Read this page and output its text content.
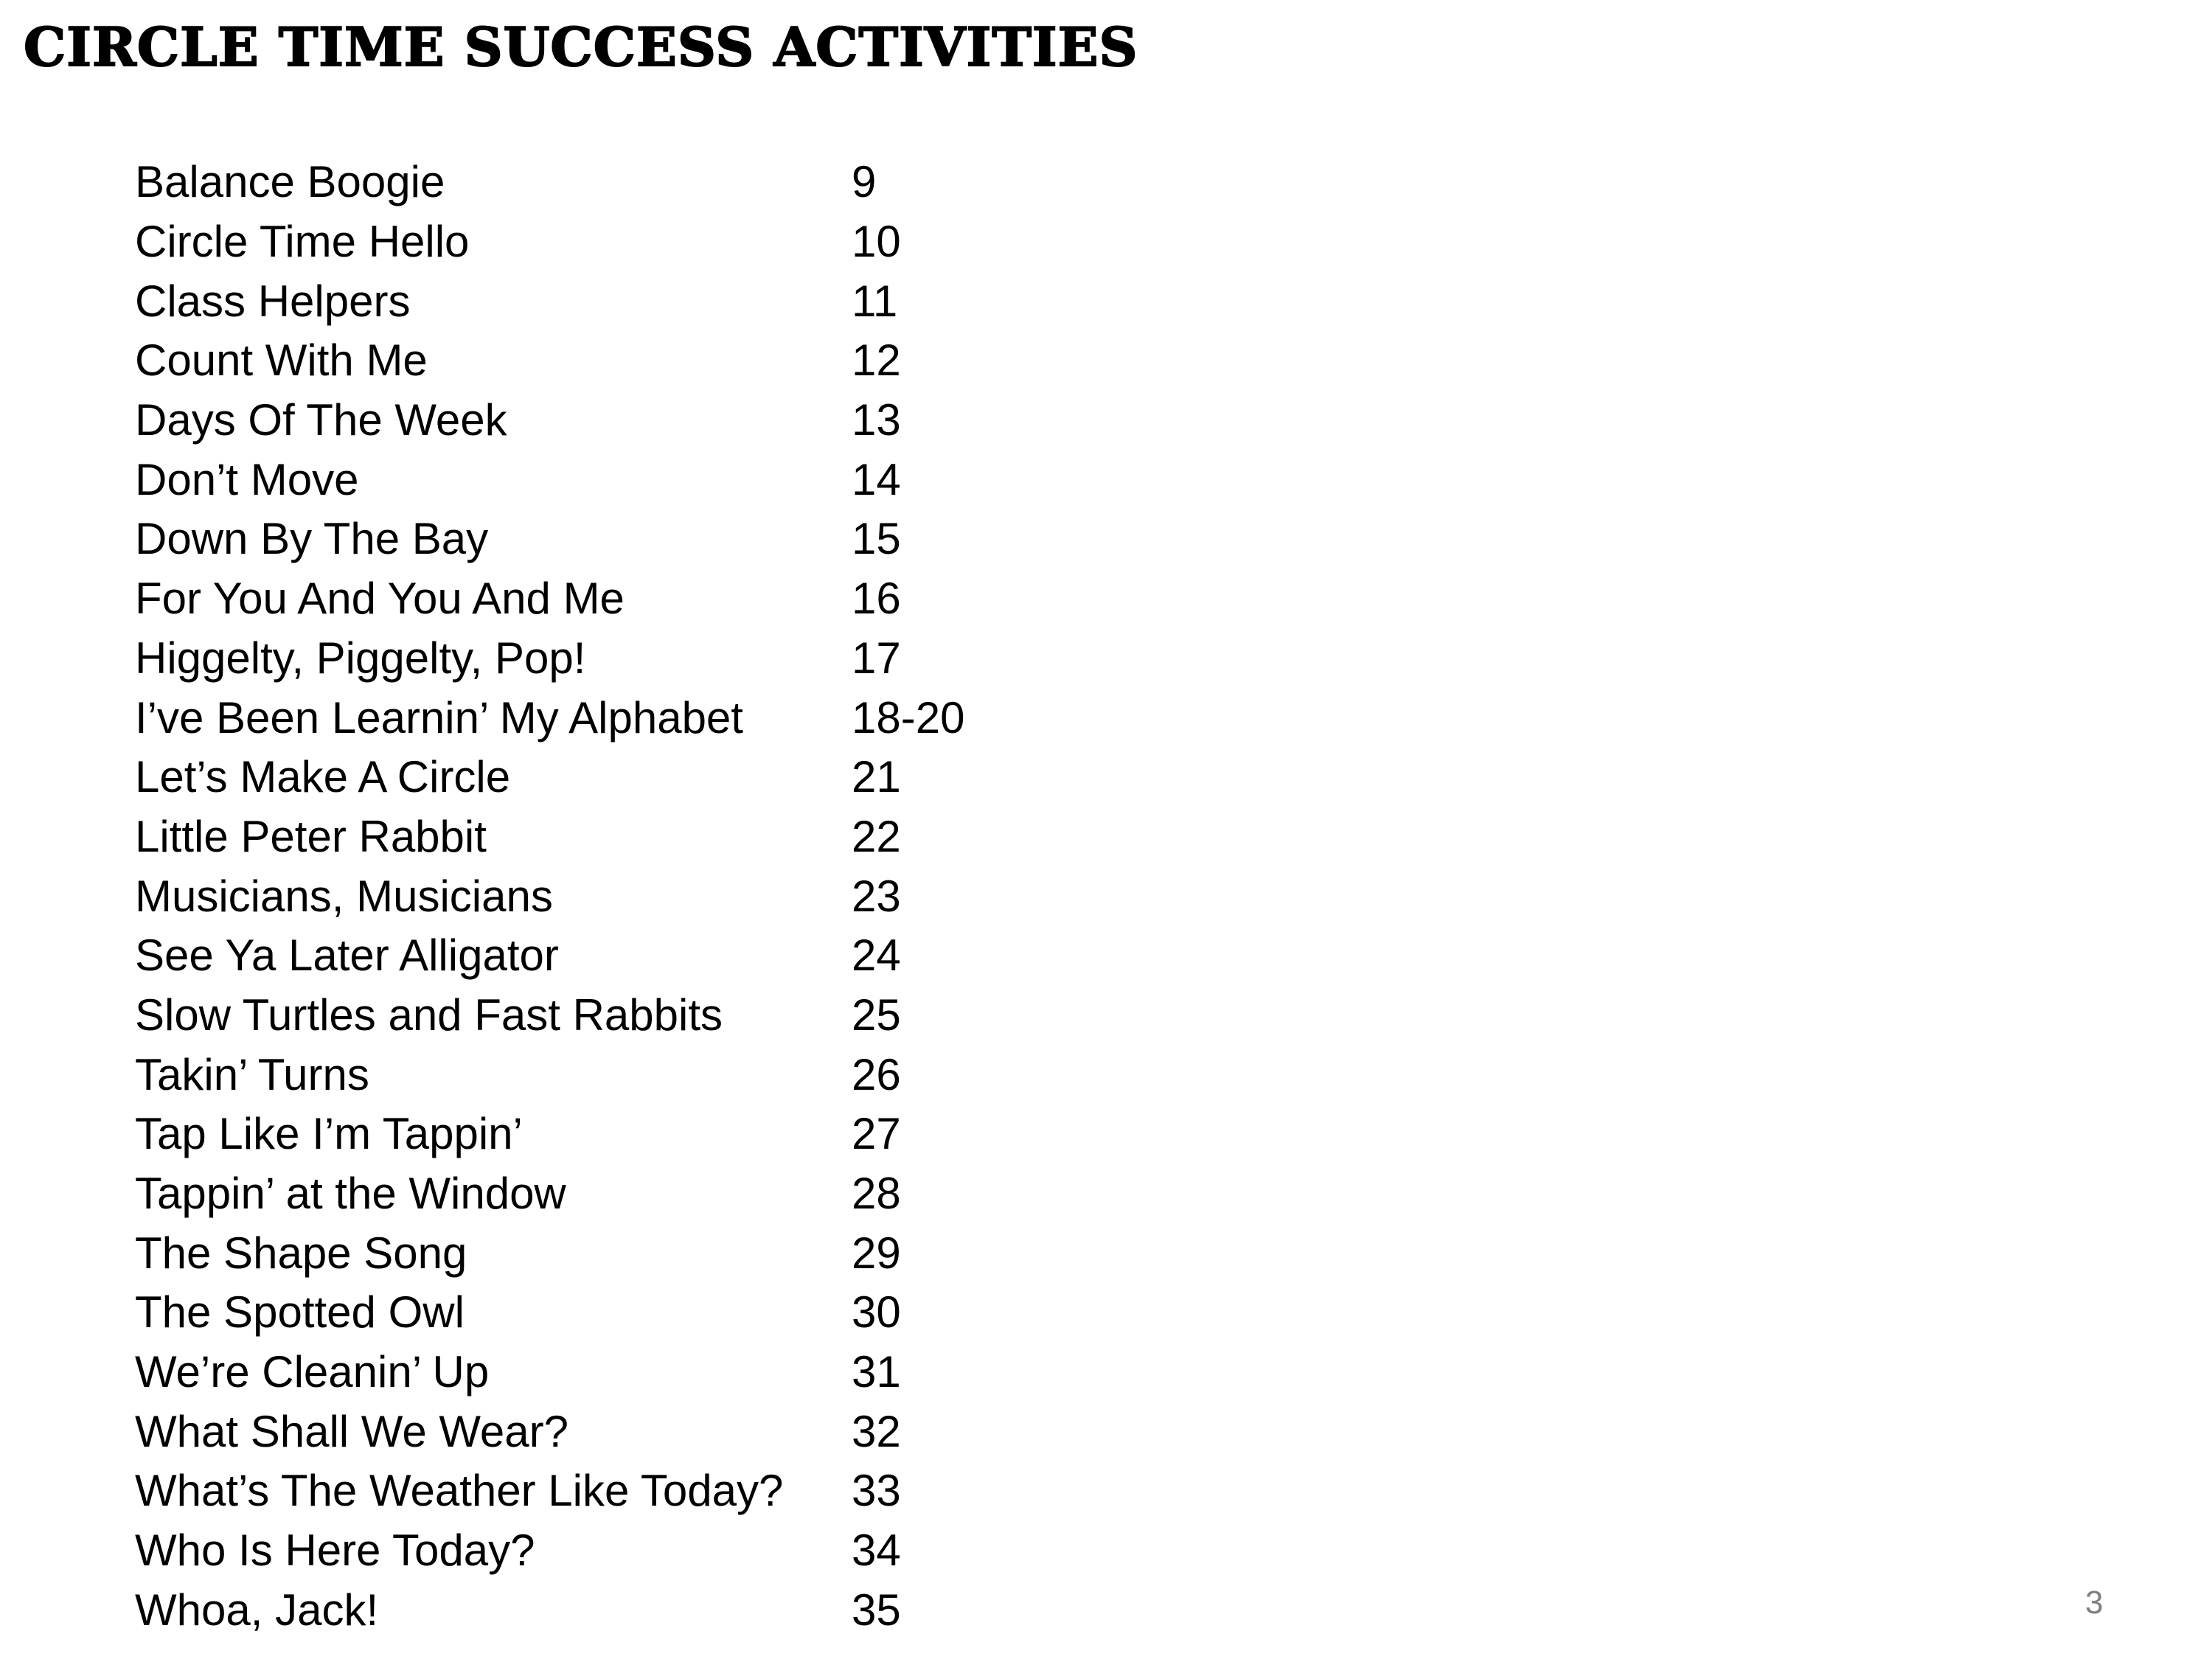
CIRCLE TIME SUCCESS ACTIVITIES
Balance Boogie	9
Circle Time Hello	10
Class Helpers	11
Count With Me	12
Days Of The Week	13
Don’t Move	14
Down By The Bay	15
For You And You And Me	16
Higgelty, Piggelty, Pop!	17
I’ve Been Learnin’ My Alphabet	18-20
Let’s Make A Circle	21
Little Peter Rabbit	22
Musicians, Musicians	23
See Ya Later Alligator	24
Slow Turtles and Fast Rabbits	25
Takin’ Turns	26
Tap Like I’m Tappin’	27
Tappin’ at the Window	28
The Shape Song	29
The Spotted Owl	30
We’re Cleanin’ Up	31
What Shall We Wear?	32
What’s The Weather Like Today?	33
Who Is Here Today?	34
Whoa, Jack!	35	3
